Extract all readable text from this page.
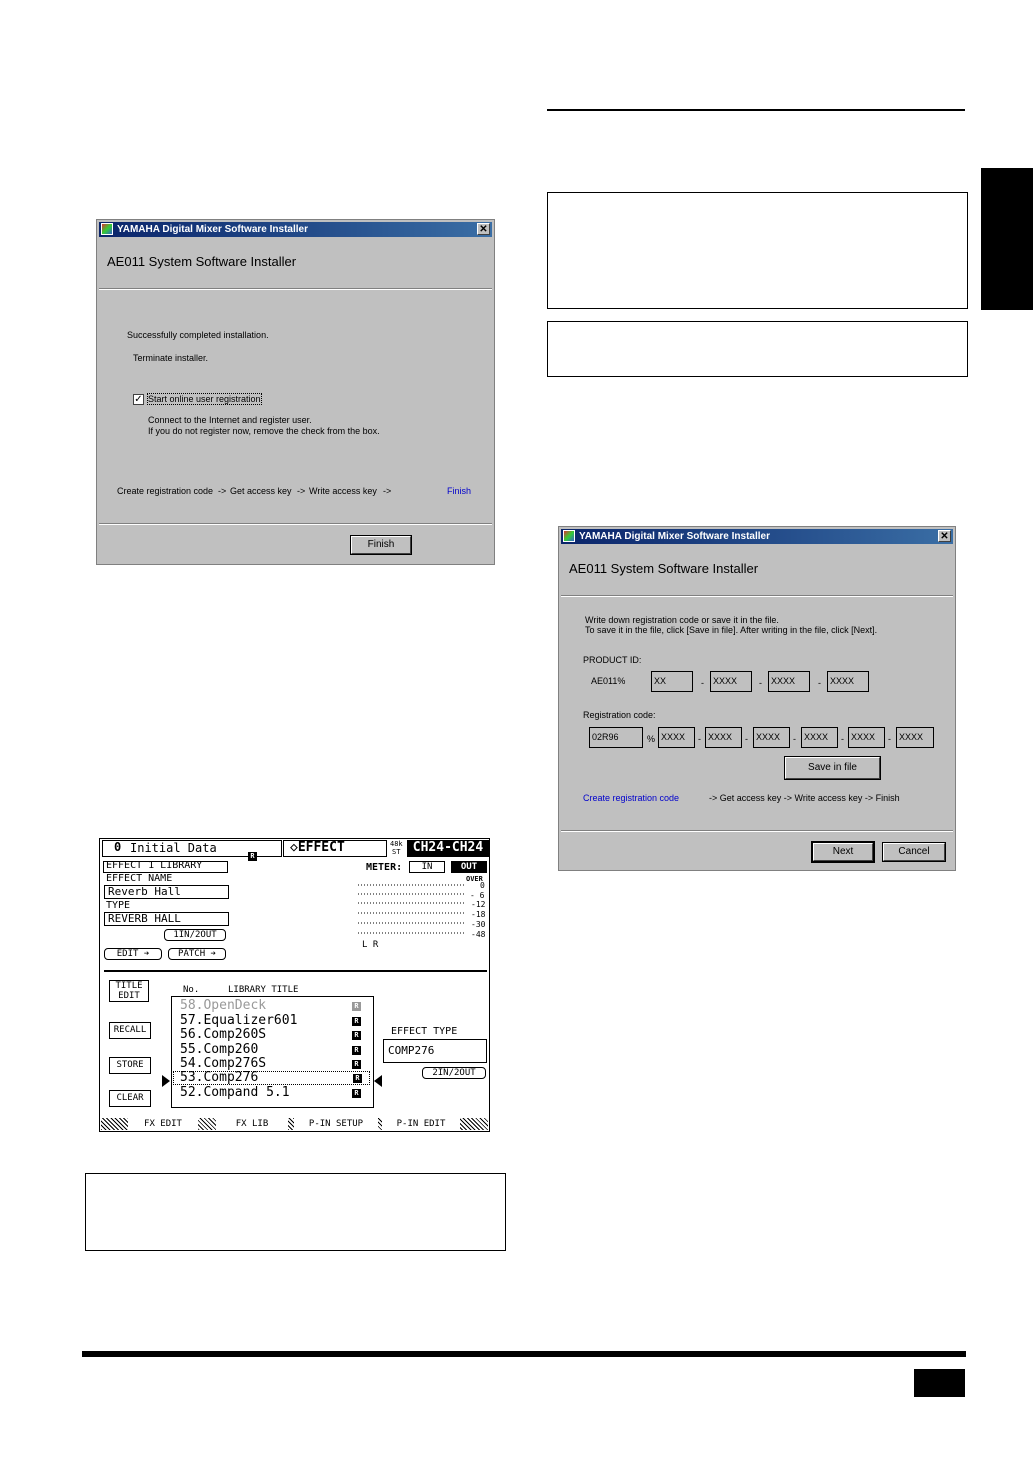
YAMAHA Digital Mixer Software Installer	✕
AE011 System Software Installer
Successfully completed installation.
Terminate installer.
✓ Start online user registration
Connect to the Internet and register user.
If you do not register now, remove the check from the box.
Create registration code -> Get access key -> Write access key ->	Finish
Finish
YAMAHA Digital Mixer Software Installer	✕
AE011 System Software Installer
Write down registration code or save it in the file.
To save it in the file, click [Save in file]. After writing in the file, click [Next].
PRODUCT ID:
AE011%	XX	-	XXXX	-	XXXX	-	XXXX
Registration code:
02R96	% XXXX	- XXXX	- XXXX	- XXXX	- XXXX	- XXXX
Save in file
Create registration code	-> Get access key -> Write access key -> Finish
Next	Cancel
0 Initial Data
R
◇EFFECT	48k
ST CH24-CH24
EFFECT 1 LIBRARY
EFFECT NAME
Reverb Hall
TYPE
REVERB HALL
1IN/2OUT
EDIT ➔	PATCH ➔
METER:	IN	OUT
OVER
0
- 6
-12
-18
-30
-48
L R
TITLE
EDIT
RECALL
STORE
CLEAR
No.	LIBRARY TITLE
58.OpenDeck	R
57.Equalizer601	R
56.Comp260S	R
55.Comp260	R
54.Comp276S	R
53.Comp276	R
52.Compand 5.1	R
EFFECT TYPE
COMP276
2IN/2OUT
FX EDIT	FX LIB	P-IN SETUP	P-IN EDIT
